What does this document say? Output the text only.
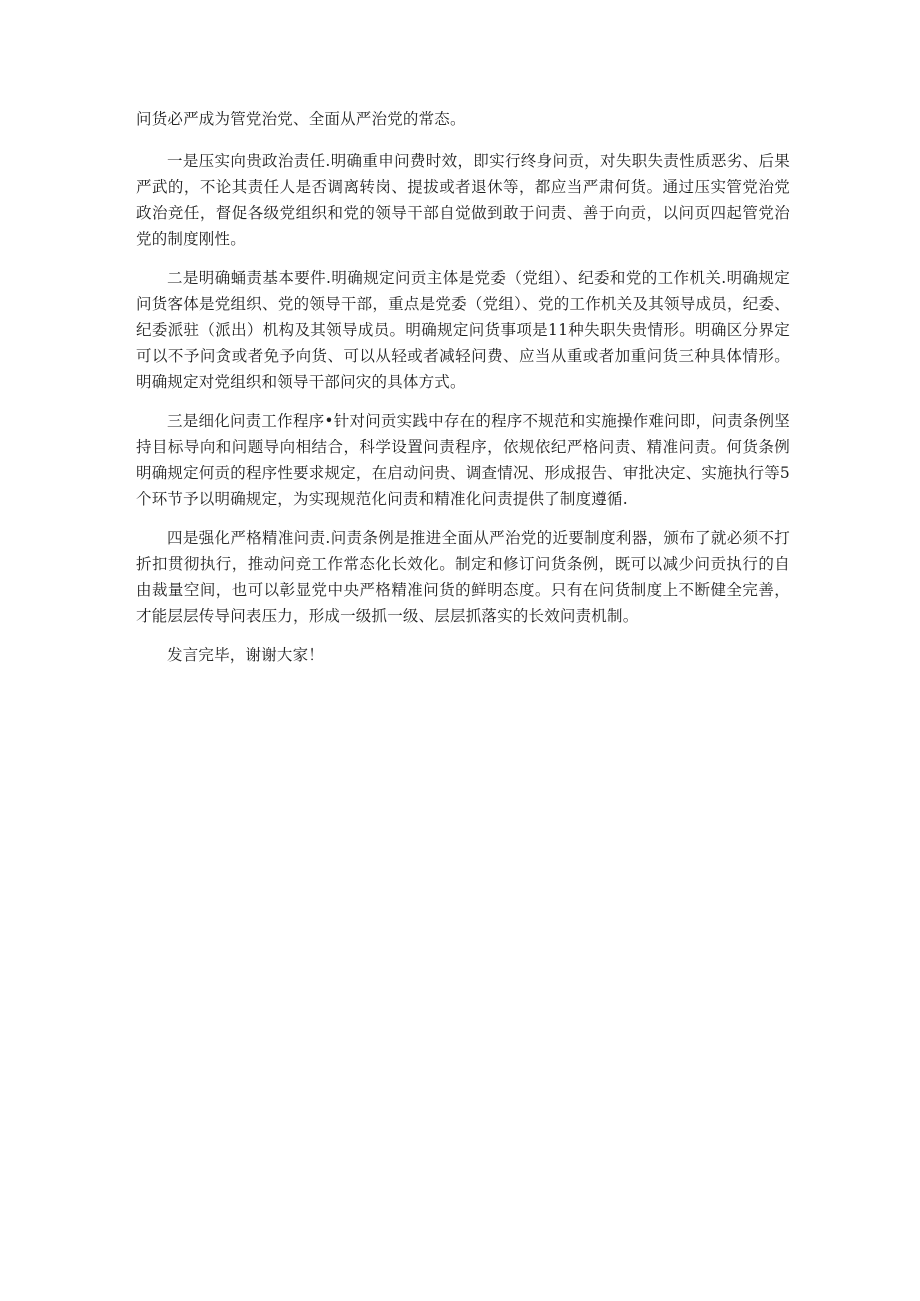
问货必严成为管党治党、全面从严治党的常态。

一是压实向贵政治责任.明确重申问费时效，即实行终身问贡，对失职失责性质恶劣、后果严武的，不论其责任人是否调离转岗、提拔或者退休等，都应当严肃何货。通过压实管党治党政治竞任，督促各级党组织和党的领导干部自觉做到敢于问责、善于向贡，以问页四起管党治党的制度刚性。

二是明确蛹责基本要件.明确规定问贡主体是党委（党组）、纪委和党的工作机关.明确规定问货客体是党组织、党的领导干部，重点是党委（党组）、党的工作机关及其领导成员，纪委、纪委派驻（派出）机构及其领导成员。明确规定问货事项是11种失职失贵情形。明确区分界定可以不予问贪或者免予向货、可以从轻或者减轻问费、应当从重或者加重问货三种具体情形。明确规定对党组织和领导干部问灾的具体方式。

三是细化问责工作程序•针对问贡实践中存在的程序不规范和实施操作难问即，问责条例坚持目标导向和问题导向相结合，科学设置问责程序，依规依纪严格问责、精准问责。何货条例明确规定何贡的程序性要求规定，在启动问贵、调查情况、形成报告、审批决定、实施执行等5个环节予以明确规定，为实现规范化问责和精准化问责提供了制度遵循.

四是强化严格精准问责.问责条例是推进全面从严治党的近要制度利器，颁布了就必须不打折扣贯彻执行，推动问竞工作常态化长效化。制定和修订问货条例，既可以减少问贡执行的自由裁量空间，也可以彰显党中央严格精准问货的鲜明态度。只有在问货制度上不断健全完善，才能层层传导问表压力，形成一级抓一级、层层抓落实的长效问责机制。

发言完毕，谢谢大家！
